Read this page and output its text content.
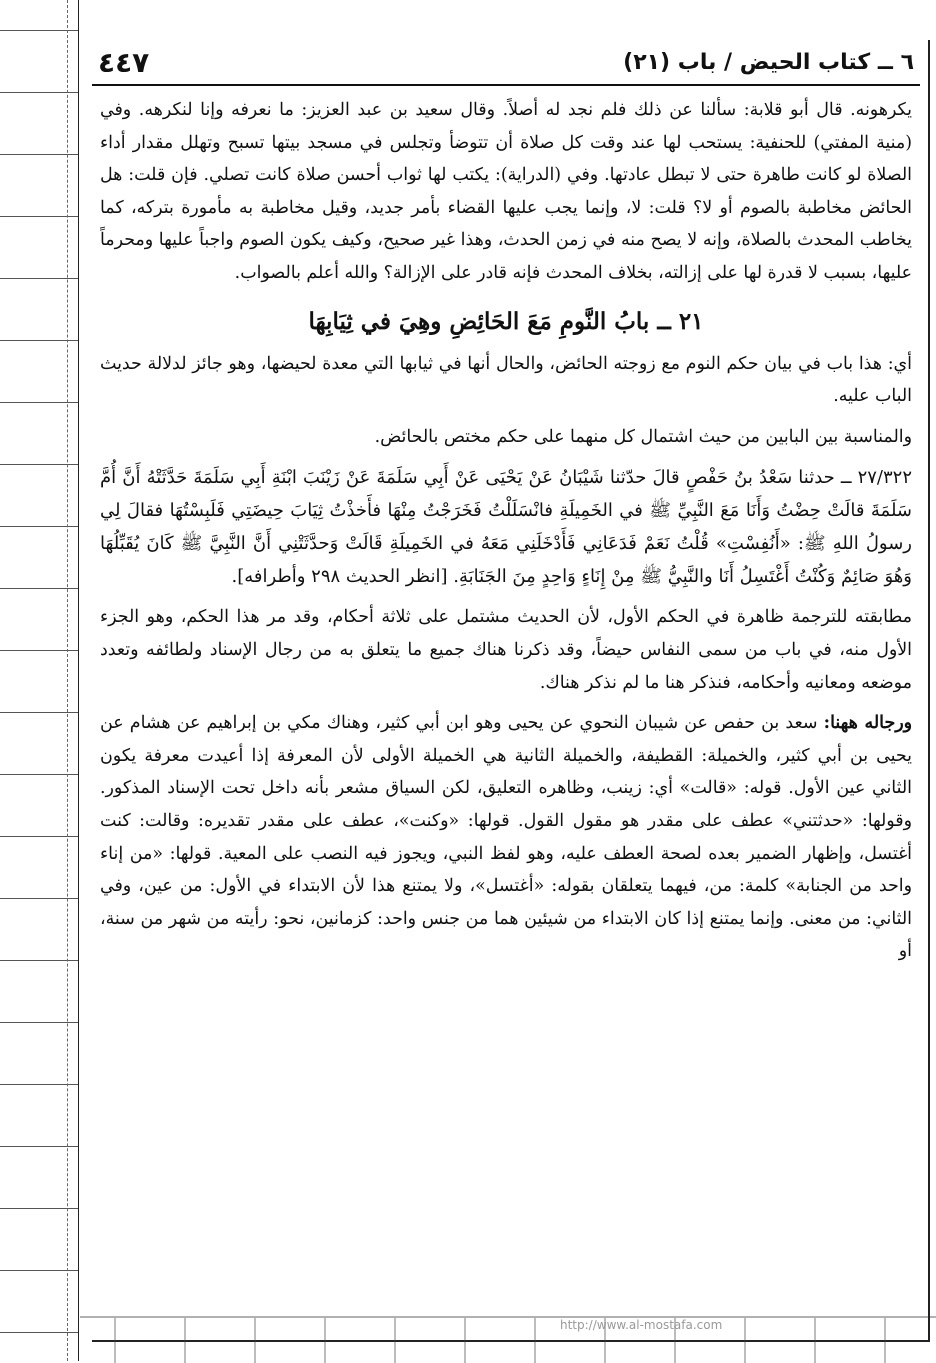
٤٤٧	٦ ــ كتاب الحيض / باب (٢١)

يكرهونه. قال أبو قلابة: سألنا عن ذلك فلم نجد له أصلاً. وقال سعيد بن عبد العزيز: ما نعرفه وإنا لنكرهه. وفي (منية المفتي) للحنفية: يستحب لها عند وقت كل صلاة أن تتوضأ وتجلس في مسجد بيتها تسبح وتهلل مقدار أداء الصلاة لو كانت طاهرة حتى لا تبطل عادتها. وفي (الدراية): يكتب لها ثواب أحسن صلاة كانت تصلي. فإن قلت: هل الحائض مخاطبة بالصوم أو لا؟ قلت: لا، وإنما يجب عليها القضاء بأمر جديد، وقيل مخاطبة به مأمورة بتركه، كما يخاطب المحدث بالصلاة، وإنه لا يصح منه في زمن الحدث، وهذا غير صحيح، وكيف يكون الصوم واجباً عليها ومحرماً عليها، بسبب لا قدرة لها على إزالته، بخلاف المحدث فإنه قادر على الإزالة؟ والله أعلم بالصواب.

٢١ ــ بابُ النَّومِ مَعَ الحَائِضِ وهِيَ في ثِيَابِهَا

أي: هذا باب في بيان حكم النوم مع زوجته الحائض، والحال أنها في ثيابها التي معدة لحيضها، وهو جائز لدلالة حديث الباب عليه.

والمناسبة بين البابين من حيث اشتمال كل منهما على حكم مختص بالحائض.

٢٧/٣٢٢ ــ حدثنا سَعْدُ بنُ حَفْصٍ قالَ حدّثنا شَيْبَانُ عَنْ يَحْيَى عَنْ أَبِي سَلَمَةَ عَنْ زَيْنَبَ ابْنَةِ أَبِي سَلَمَةَ حَدَّثَتْهُ أَنَّ أُمَّ سَلَمَةَ قالَتْ حِضْتُ وَأَنَا مَعَ النَّبِيِّ ﷺ في الخَمِيلَةِ فانْسَلَلْتُ فَخَرَجْتُ مِنْهَا فأَخذْتُ ثِيَابَ حِيضَتِي فَلَبِسْتُهَا فقالَ لِي رسولُ اللهِ ﷺ: «أَنُفِسْتِ» قُلْتُ نَعَمْ فَدَعَانِي فَأَدْخَلَنِي مَعَهُ في الخَمِيلَةِ قَالَتْ وَحدَّثَتْنِي أَنَّ النَّبِيَّ ﷺ كَانَ يُقَبِّلُهَا وَهُوَ صَائِمٌ وَكُنْتُ أَغْتَسِلُ أَنَا والنَّبِيُّ ﷺ مِنْ إِنَاءٍ وَاحِدٍ مِنَ الجَنَابَةِ. [انظر الحديث ٢٩٨ وأطرافه].

مطابقته للترجمة ظاهرة في الحكم الأول، لأن الحديث مشتمل على ثلاثة أحكام، وقد مر هذا الحكم، وهو الجزء الأول منه، في باب من سمى النفاس حيضاً، وقد ذكرنا هناك جميع ما يتعلق به من رجال الإسناد ولطائفه وتعدد موضعه ومعانيه وأحكامه، فنذكر هنا ما لم نذكر هناك.

ورجاله ههنا: سعد بن حفص عن شيبان النحوي عن يحيى وهو ابن أبي كثير، وهناك مكي بن إبراهيم عن هشام عن يحيى بن أبي كثير، والخميلة: القطيفة، والخميلة الثانية هي الخميلة الأولى لأن المعرفة إذا أعيدت معرفة يكون الثاني عين الأول. قوله: «قالت» أي: زينب، وظاهره التعليق، لكن السياق مشعر بأنه داخل تحت الإسناد المذكور. وقولها: «حدثتني» عطف على مقدر هو مقول القول. قولها: «وكنت»، عطف على مقدر تقديره: وقالت: كنت أغتسل، وإظهار الضمير بعده لصحة العطف عليه، وهو لفظ النبي، ويجوز فيه النصب على المعية. قولها: «من إناء واحد من الجنابة» كلمة: من، فيهما يتعلقان بقوله: «أغتسل»، ولا يمتنع هذا لأن الابتداء في الأول: من عين، وفي الثاني: من معنى. وإنما يمتنع إذا كان الابتداء من شيئين هما من جنس واحد: كزمانين، نحو: رأيته من شهر من سنة، أو

http://www.al-mostafa.com
